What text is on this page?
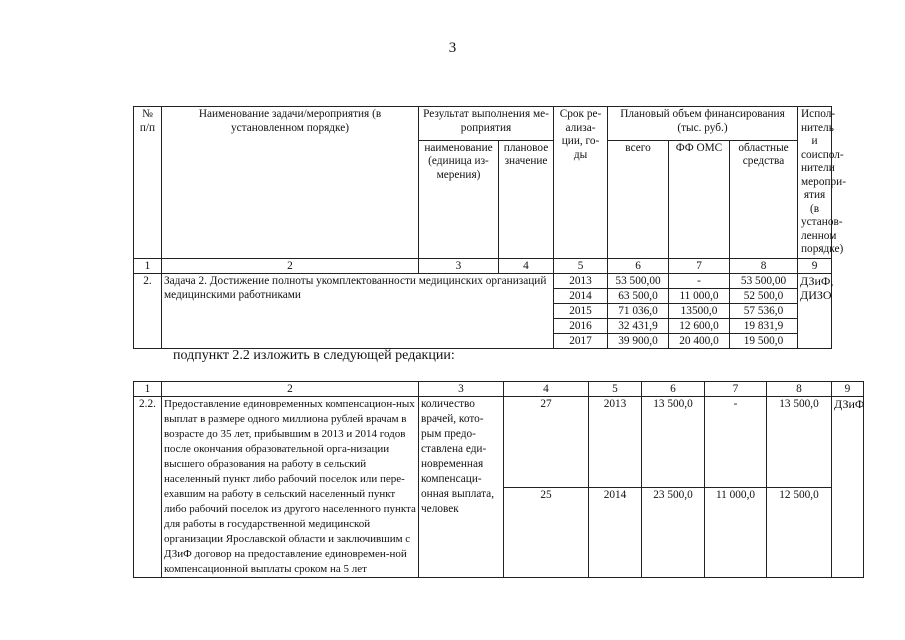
3
№ п/п	Наименование задачи/мероприятия (в установленном порядке)	Результат выполнения ме-роприятия		Срок ре-ализа-ции, го-ды	Плановый объем финансирования (тыс. руб.)			Испол-нитель и соиспол-нители меропри-ятия (в установ-ленном порядке)
		наименование (единица из-мерения)	плановое значение		всего	ФФ ОМС	областные средства	
1	2	3	4	5	6	7	8	9
2.	Задача 2. Достижение полноты укомплектованности медицинских организаций медицинскими работниками			2013	53 500,00	-	53 500,00	ДЗиФ, ДИЗО
				2014	63 500,0	11 000,0	52 500,0	
				2015	71 036,0	13500,0	57 536,0	
				2016	32 431,9	12 600,0	19 831,9	
				2017	39 900,0	20 400,0	19 500,0	
подпункт 2.2 изложить в следующей редакции:
1	2	3	4	5	6	7	8	9
2.2.	Предоставление единовременных компенсацион-ных выплат в размере одного миллиона рублей врачам в возрасте до 35 лет, прибывшим в 2013 и 2014 годов после окончания образовательной орга-низации высшего образования на работу в сельский населенный пункт либо рабочий поселок или пере-ехавшим на работу в сельский населенный пункт либо рабочий поселок из другого населенного пункта для работы в государственной медицинской организации Ярославской области и заключившим с ДЗиФ договор на предоставление единовремен-ной компенсационной выплаты сроком на 5 лет	количество врачей, кото-рым предо-ставлена еди-новременная компенсаци-онная выплата, человек	27	2013	13 500,0	-	13 500,0	ДЗиФ
			25	2014	23 500,0	11 000,0	12 500,0	
